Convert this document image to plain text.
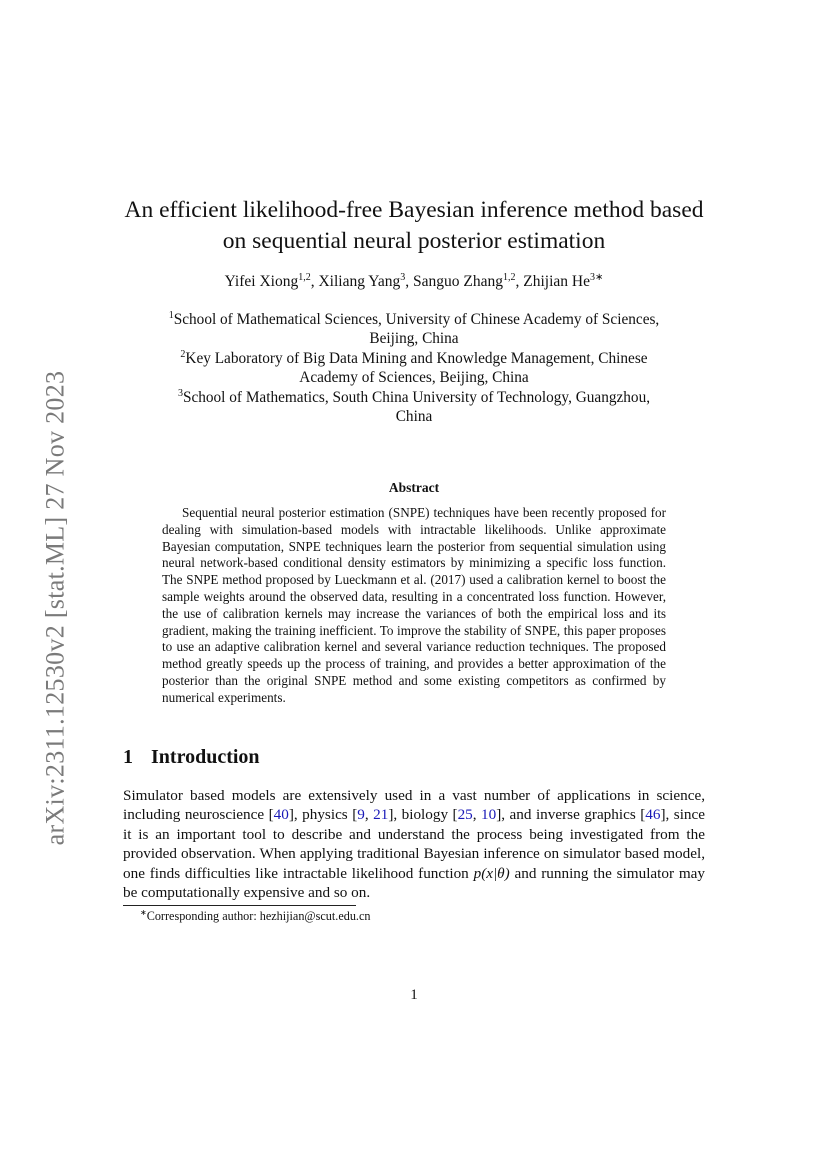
arXiv:2311.12530v2 [stat.ML] 27 Nov 2023
An efficient likelihood-free Bayesian inference method based
on sequential neural posterior estimation
Yifei Xiong$^{1,2}$, Xiliang Yang$^3$, Sanguo Zhang$^{1,2}$, Zhijian $He^{3∗}$

$^1$School of Mathematical Sciences, University of Chinese Academy of Sciences,
Beijing, China

$^2$Key Laboratory of Big Data Mining and Knowledge Management, Chinese
Academy of Sciences, Beijing, China

$^3$School of Mathematics, South China University of Technology, Guangzhou,
China

Abstract

Sequential neural posterior estimation (SNPE) techniques have been recently proposed for dealing with simulation-based models with intractable likelihoods. Unlike approximate Bayesian computation, SNPE techniques learn the posterior from sequential simulation using neural network-based conditional density estimators by minimizing a specific loss function. The SNPE method proposed by Lueckmann et al. (2017) used a calibration kernel to boost the sample weights around the observed data, resulting in a concentrated loss function. However, the use of calibration kernels may increase the variances of both the empirical loss and its gradient, making the training inefficient. To improve the stability of SNPE, this paper proposes to use an adaptive calibration kernel and several variance reduction techniques. The proposed method greatly speeds up the process of training, and provides a better approximation of the posterior than the original SNPE method and some existing competitors as confirmed by numerical experiments.

1 Introduction

Simulator based models are extensively used in a vast number of applications in science, including neuroscience [40], physics [9, 21], biology [25, 10], and inverse graphics [46], since it is an important tool to describe and understand the process being investigated from the provided observation. When applying traditional Bayesian inference on simulator based model, one finds difficulties like intractable likelihood function p(x|θ) and running the simulator may be computationally expensive and so on.

∗Corresponding author: hezhijian@scut.edu.cn
1
